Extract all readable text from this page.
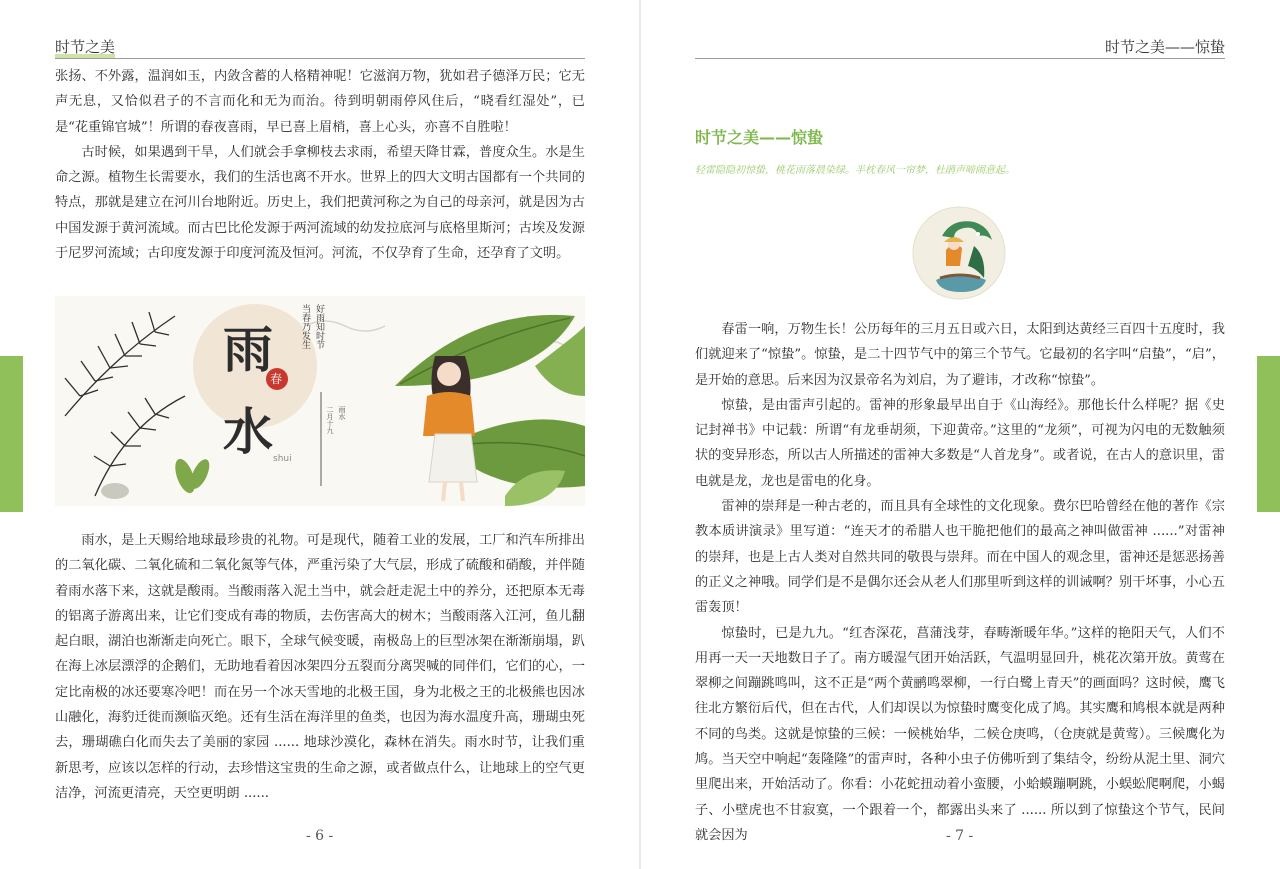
时节之美

张扬、不外露，温润如玉，内敛含蓄的人格精神呢！它滋润万物，犹如君子德泽万民；它无声无息，又恰似君子的不言而化和无为而治。待到明朝雨停风住后，“晓看红湿处”，已是“花重锦官城”！所谓的春夜喜雨，早已喜上眉梢，喜上心头，亦喜不自胜啦！

古时候，如果遇到干旱，人们就会手拿柳枝去求雨，希望天降甘霖，普度众生。水是生命之源。植物生长需要水，我们的生活也离不开水。世界上的四大文明古国都有一个共同的特点，那就是建立在河川台地附近。历史上，我们把黄河称之为自己的母亲河，就是因为古中国发源于黄河流域。而古巴比伦发源于两河流域的幼发拉底河与底格里斯河；古埃及发源于尼罗河流域；古印度发源于印度河流及恒河。河流，不仅孕育了生命，还孕育了文明。

雨
水
春
好雨知时节
当春乃发生
shui
二月十九 雨水

雨水，是上天赐给地球最珍贵的礼物。可是现代，随着工业的发展，工厂和汽车所排出的二氧化碳、二氧化硫和二氧化氮等气体，严重污染了大气层，形成了硫酸和硝酸，并伴随着雨水落下来，这就是酸雨。当酸雨落入泥土当中，就会赶走泥土中的养分，还把原本无毒的铝离子游离出来，让它们变成有毒的物质，去伤害高大的树木；当酸雨落入江河，鱼儿翻起白眼，湖泊也渐渐走向死亡。眼下，全球气候变暖，南极岛上的巨型冰架在渐渐崩塌，趴在海上冰层漂浮的企鹅们，无助地看着因冰架四分五裂而分离哭喊的同伴们，它们的心，一定比南极的冰还要寒冷吧！而在另一个冰天雪地的北极王国，身为北极之王的北极熊也因冰山融化，海豹迁徙而濒临灭绝。还有生活在海洋里的鱼类，也因为海水温度升高，珊瑚虫死去，珊瑚礁白化而失去了美丽的家园 ...... 地球沙漠化，森林在消失。雨水时节，让我们重新思考，应该以怎样的行动，去珍惜这宝贵的生命之源，或者做点什么，让地球上的空气更洁净，河流更清亮，天空更明朗 ......

- 6 -
时节之美——惊蛰
时节之美——惊蛰
轻雷隐隐初惊蛰，桃花雨落晨染绿。半枕春风一帘梦，杜鹃声啼闹意起。

春雷一响，万物生长！公历每年的三月五日或六日，太阳到达黄经三百四十五度时，我们就迎来了“惊蛰”。惊蛰，是二十四节气中的第三个节气。它最初的名字叫“启蛰”，“启”，是开始的意思。后来因为汉景帝名为刘启，为了避讳，才改称“惊蛰”。

惊蛰，是由雷声引起的。雷神的形象最早出自于《山海经》。那他长什么样呢？据《史记封禅书》中记载：所谓“有龙垂胡须，下迎黄帝。”这里的“龙须”，可视为闪电的无数触须状的变异形态，所以古人所描述的雷神大多数是“人首龙身”。或者说，在古人的意识里，雷电就是龙，龙也是雷电的化身。

雷神的崇拜是一种古老的，而且具有全球性的文化现象。费尔巴哈曾经在他的著作《宗教本质讲演录》里写道：“连天才的希腊人也干脆把他们的最高之神叫做雷神 ......”对雷神的崇拜，也是上古人类对自然共同的敬畏与崇拜。而在中国人的观念里，雷神还是惩恶扬善的正义之神哦。同学们是不是偶尔还会从老人们那里听到这样的训诫啊？别干坏事，小心五雷轰顶！

惊蛰时，已是九九。“红杏深花，菖蒲浅芽，春畴渐暖年华。”这样的艳阳天气，人们不用再一天一天地数日子了。南方暖湿气团开始活跃，气温明显回升，桃花次第开放。黄莺在翠柳之间蹦跳鸣叫，这不正是“两个黄鹂鸣翠柳，一行白鹭上青天”的画面吗？这时候，鹰飞往北方繁衍后代，但在古代，人们却误以为惊蛰时鹰变化成了鸠。其实鹰和鸠根本就是两种不同的鸟类。这就是惊蛰的三候：一候桃始华，二候仓庚鸣，（仓庚就是黄莺）。三候鹰化为鸠。当天空中响起“轰隆隆”的雷声时，各种小虫子仿佛听到了集结令，纷纷从泥土里、洞穴里爬出来，开始活动了。你看：小花蛇扭动着小蛮腰，小蛤蟆蹦啊跳，小蜈蚣爬啊爬，小蝎子、小壁虎也不甘寂寞，一个跟着一个，都露出头来了 ...... 所以到了惊蛰这个节气，民间就会因为	- 7 -
